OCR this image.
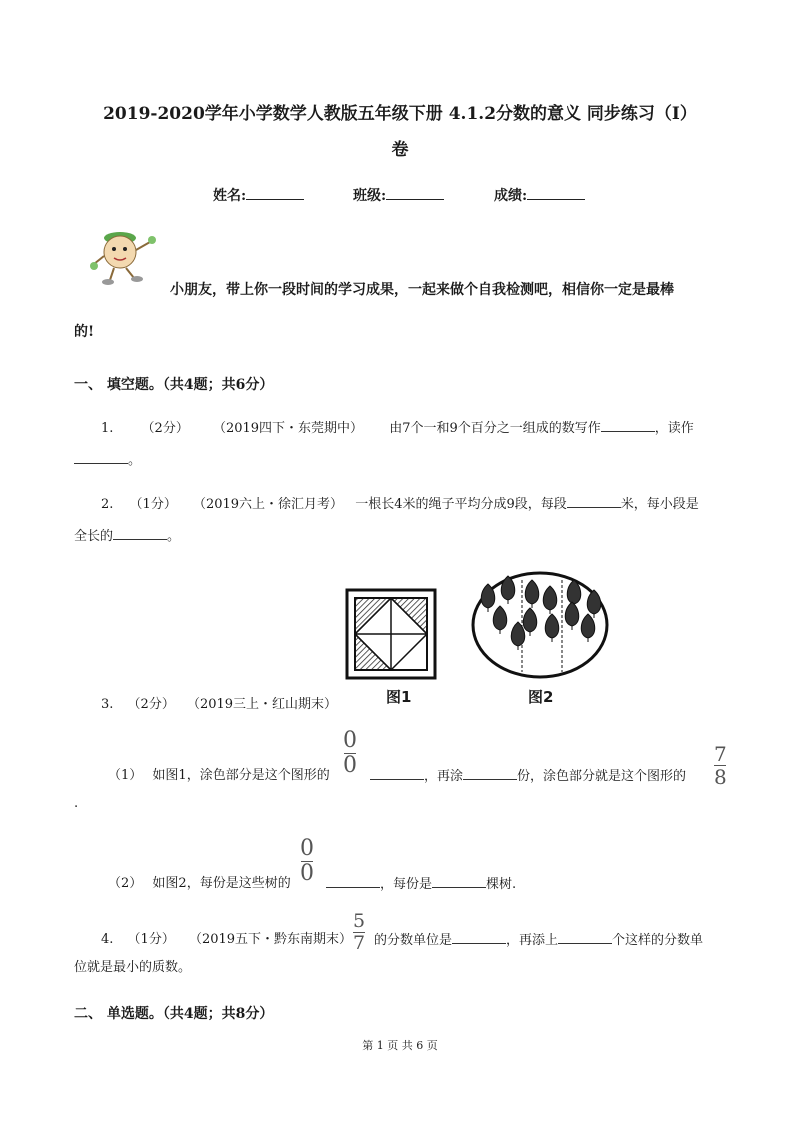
2019-2020学年小学数学人教版五年级下册 4.1.2分数的意义 同步练习（I）
卷
姓名:	班级:	成绩:
小朋友，带上你一段时间的学习成果，一起来做个自我检测吧，相信你一定是最棒
的!
一、 填空题。（共4题；共6分）
1. （2分） （2019四下・东莞期中） 由7个一和9个百分之一组成的数写作	，读作
。
2. （1分） （2019六上・徐汇月考） 一根长4米的绳子平均分成9段，每段	米，每小段是
全长的	。
图1	图2
3. （2分） （2019三上・红山期末）
（1） 如图1，涂色部分是这个图形的
0
0	，再涂	份，涂色部分就是这个图形的
7
8
.
（2） 如图2，每份是这些树的
0
0	，每份是	棵树.
4. （1分） （2019五下・黔东南期末）
5
7 的分数单位是	，再添上	个这样的分数单
位就是最小的质数。
二、 单选题。（共4题；共8分）
第 1 页 共 6 页
